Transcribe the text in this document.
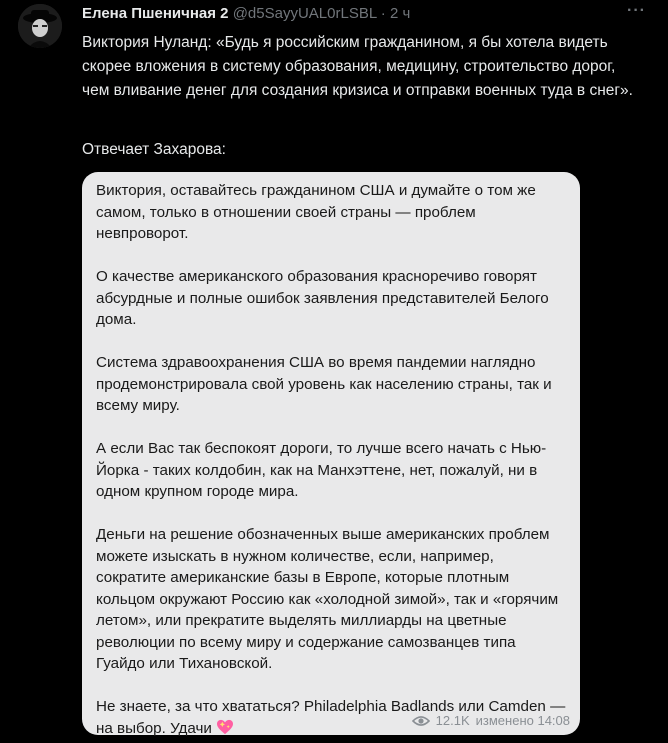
Елена Пшеничная 2 @d5SayyUAL0rLSBL · 2 ч	···

Виктория Нуланд: «Будь я российским гражданином, я бы хотела видеть скорее вложения в систему образования, медицину, строительство дорог, чем вливание денег для создания кризиса и отправки военных туда в снег».

Отвечает Захарова:

Виктория, оставайтесь гражданином США и думайте о том же самом, только в отношении своей страны — проблем невпроворот.

О качестве американского образования красноречиво говорят абсурдные и полные ошибок заявления представителей Белого дома.

Система здравоохранения США во время пандемии наглядно продемонстрировала свой уровень как населению страны, так и всему миру.

А если Вас так беспокоят дороги, то лучше всего начать с Нью-Йорка - таких колдобин, как на Манхэттене, нет, пожалуй, ни в одном крупном городе мира.

Деньги на решение обозначенных выше американских проблем можете изыскать в нужном количестве, если, например, сократите американские базы в Европе, которые плотным кольцом окружают Россию как «холодной зимой», так и «горячим летом», или прекратите выделять миллиарды на цветные революции по всему миру и содержание самозванцев типа Гуайдо или Тихановской.

Не знаете, за что хвататься? Philadelphia Badlands или Camden — на выбор. Удачи	12.1K изменено 14:08
